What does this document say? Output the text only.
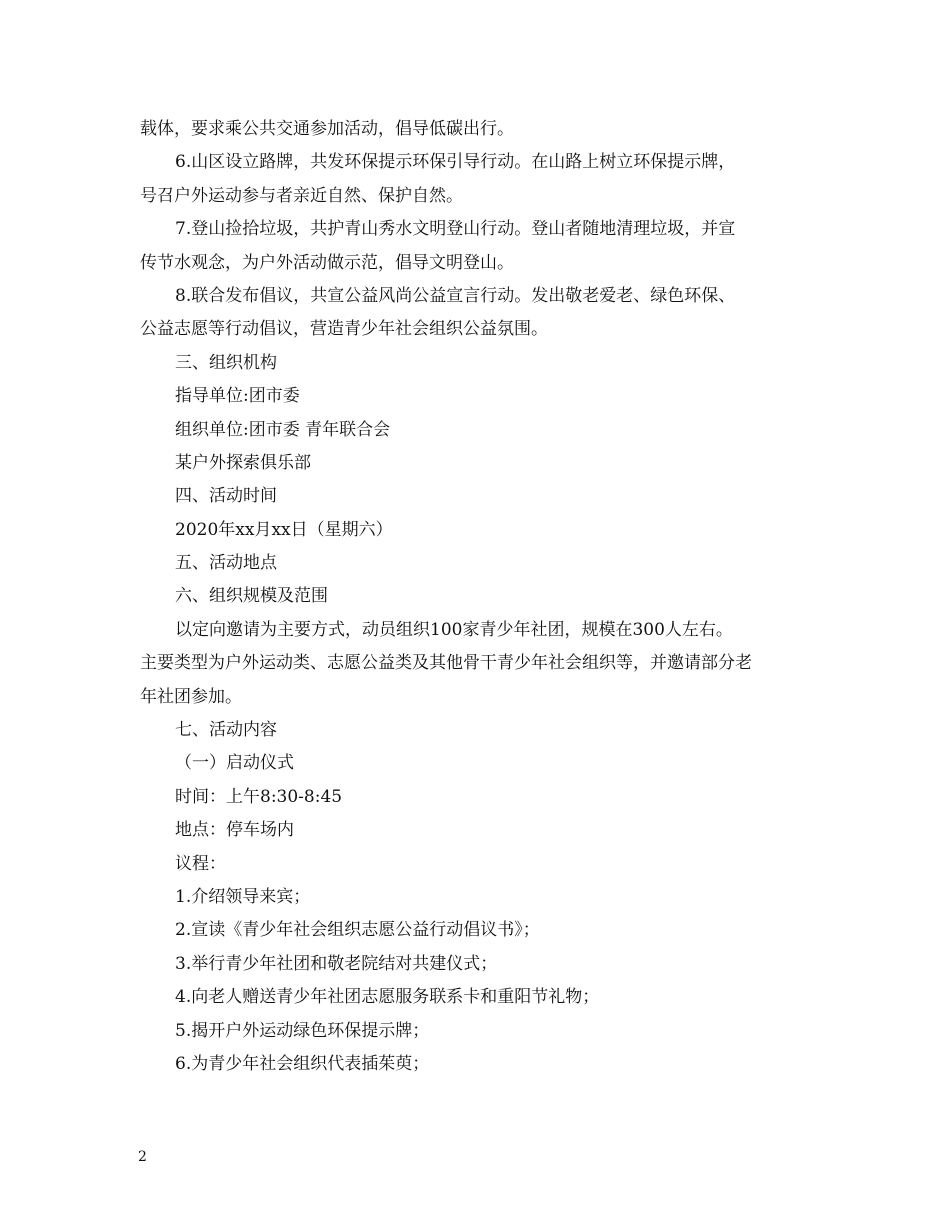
载体，要求乘公共交通参加活动，倡导低碳出行。
6.山区设立路牌，共发环保提示环保引导行动。在山路上树立环保提示牌，
号召户外运动参与者亲近自然、保护自然。
7.登山捡拾垃圾，共护青山秀水文明登山行动。登山者随地清理垃圾，并宣
传节水观念，为户外活动做示范，倡导文明登山。
8.联合发布倡议，共宣公益风尚公益宣言行动。发出敬老爱老、绿色环保、
公益志愿等行动倡议，营造青少年社会组织公益氛围。
三、组织机构
指导单位:团市委
组织单位:团市委 青年联合会
某户外探索俱乐部
四、活动时间
2020年xx月xx日（星期六）
五、活动地点
六、组织规模及范围
以定向邀请为主要方式，动员组织100家青少年社团，规模在300人左右。
主要类型为户外运动类、志愿公益类及其他骨干青少年社会组织等，并邀请部分老
年社团参加。
七、活动内容
（一）启动仪式
时间：上午8:30-8:45
地点：停车场内
议程：
1.介绍领导来宾；
2.宣读《青少年社会组织志愿公益行动倡议书》；
3.举行青少年社团和敬老院结对共建仪式；
4.向老人赠送青少年社团志愿服务联系卡和重阳节礼物；
5.揭开户外运动绿色环保提示牌；
6.为青少年社会组织代表插茱萸；
2
